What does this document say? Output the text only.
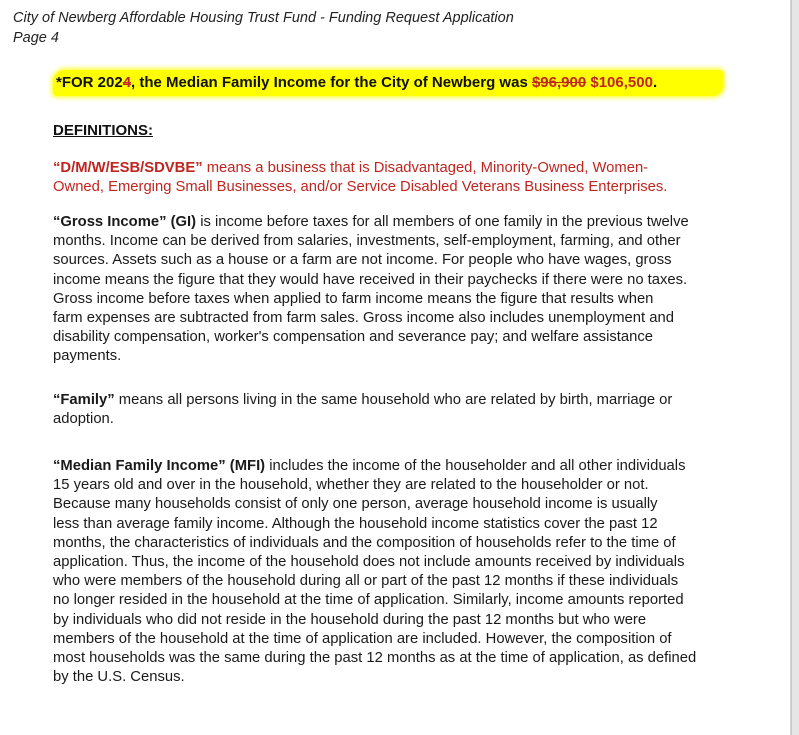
City of Newberg Affordable Housing Trust Fund - Funding Request Application
Page 4
*FOR 2024, the Median Family Income for the City of Newberg was $96,900 $106,500.
DEFINITIONS:
“D/M/W/ESB/SDVBE” means a business that is Disadvantaged, Minority-Owned, Women-
Owned, Emerging Small Businesses, and/or Service Disabled Veterans Business Enterprises.
“Gross Income” (GI) is income before taxes for all members of one family in the previous twelve
months. Income can be derived from salaries, investments, self-employment, farming, and other
sources. Assets such as a house or a farm are not income. For people who have wages, gross
income means the figure that they would have received in their paychecks if there were no taxes.
Gross income before taxes when applied to farm income means the figure that results when
farm expenses are subtracted from farm sales. Gross income also includes unemployment and
disability compensation, worker's compensation and severance pay; and welfare assistance
payments.
“Family” means all persons living in the same household who are related by birth, marriage or
adoption.
“Median Family Income” (MFI) includes the income of the householder and all other individuals
15 years old and over in the household, whether they are related to the householder or not.
Because many households consist of only one person, average household income is usually
less than average family income. Although the household income statistics cover the past 12
months, the characteristics of individuals and the composition of households refer to the time of
application. Thus, the income of the household does not include amounts received by individuals
who were members of the household during all or part of the past 12 months if these individuals
no longer resided in the household at the time of application. Similarly, income amounts reported
by individuals who did not reside in the household during the past 12 months but who were
members of the household at the time of application are included. However, the composition of
most households was the same during the past 12 months as at the time of application, as defined
by the U.S. Census.
